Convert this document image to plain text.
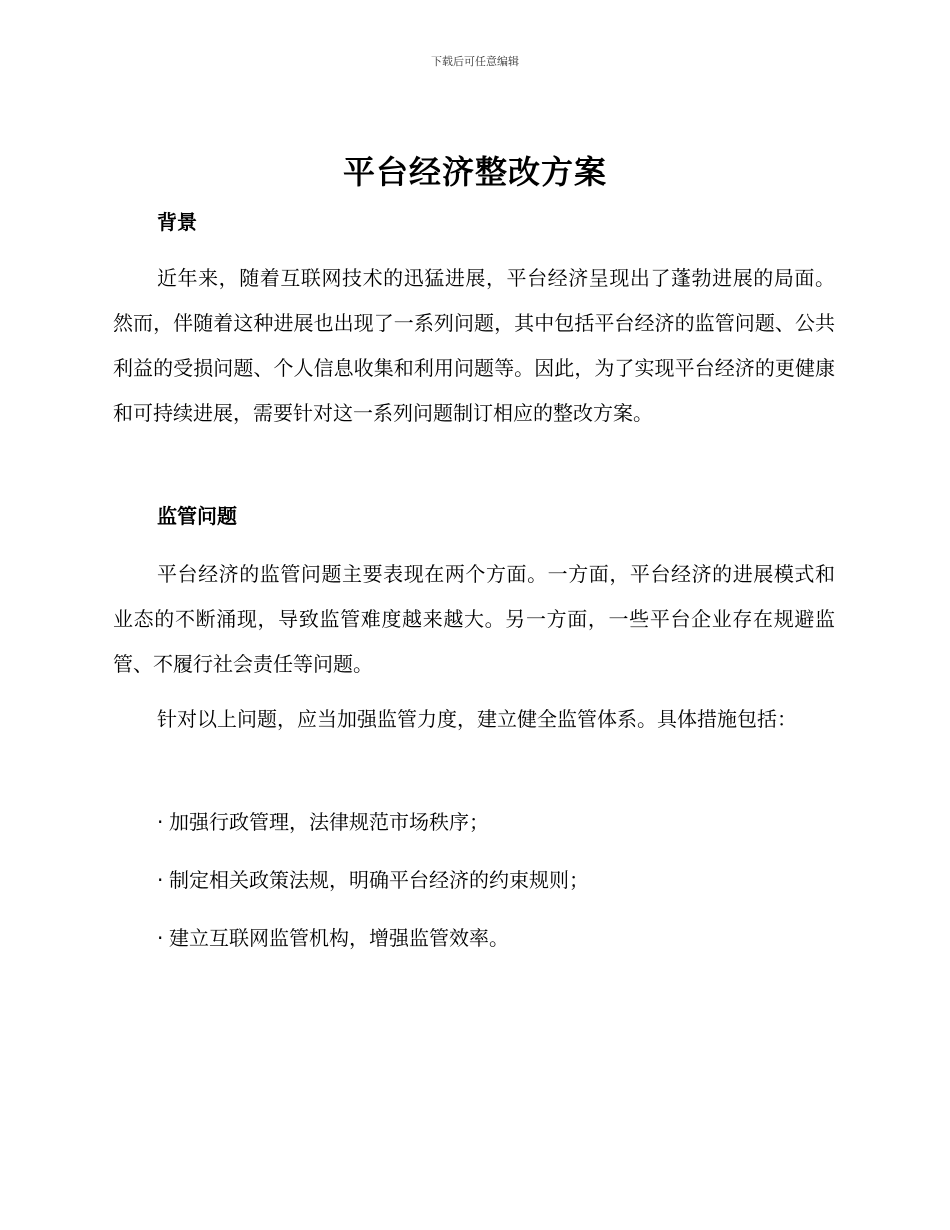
下载后可任意编辑
平台经济整改方案
背景

近年来，随着互联网技术的迅猛进展，平台经济呈现出了蓬勃进展的局面。然而，伴随着这种进展也出现了一系列问题，其中包括平台经济的监管问题、公共利益的受损问题、个人信息收集和利用问题等。因此，为了实现平台经济的更健康和可持续进展，需要针对这一系列问题制订相应的整改方案。

监管问题

平台经济的监管问题主要表现在两个方面。一方面，平台经济的进展模式和业态的不断涌现，导致监管难度越来越大。另一方面，一些平台企业存在规避监管、不履行社会责任等问题。

针对以上问题，应当加强监管力度，建立健全监管体系。具体措施包括：

· 加强行政管理，法律规范市场秩序；
· 制定相关政策法规，明确平台经济的约束规则；
· 建立互联网监管机构，增强监管效率。
